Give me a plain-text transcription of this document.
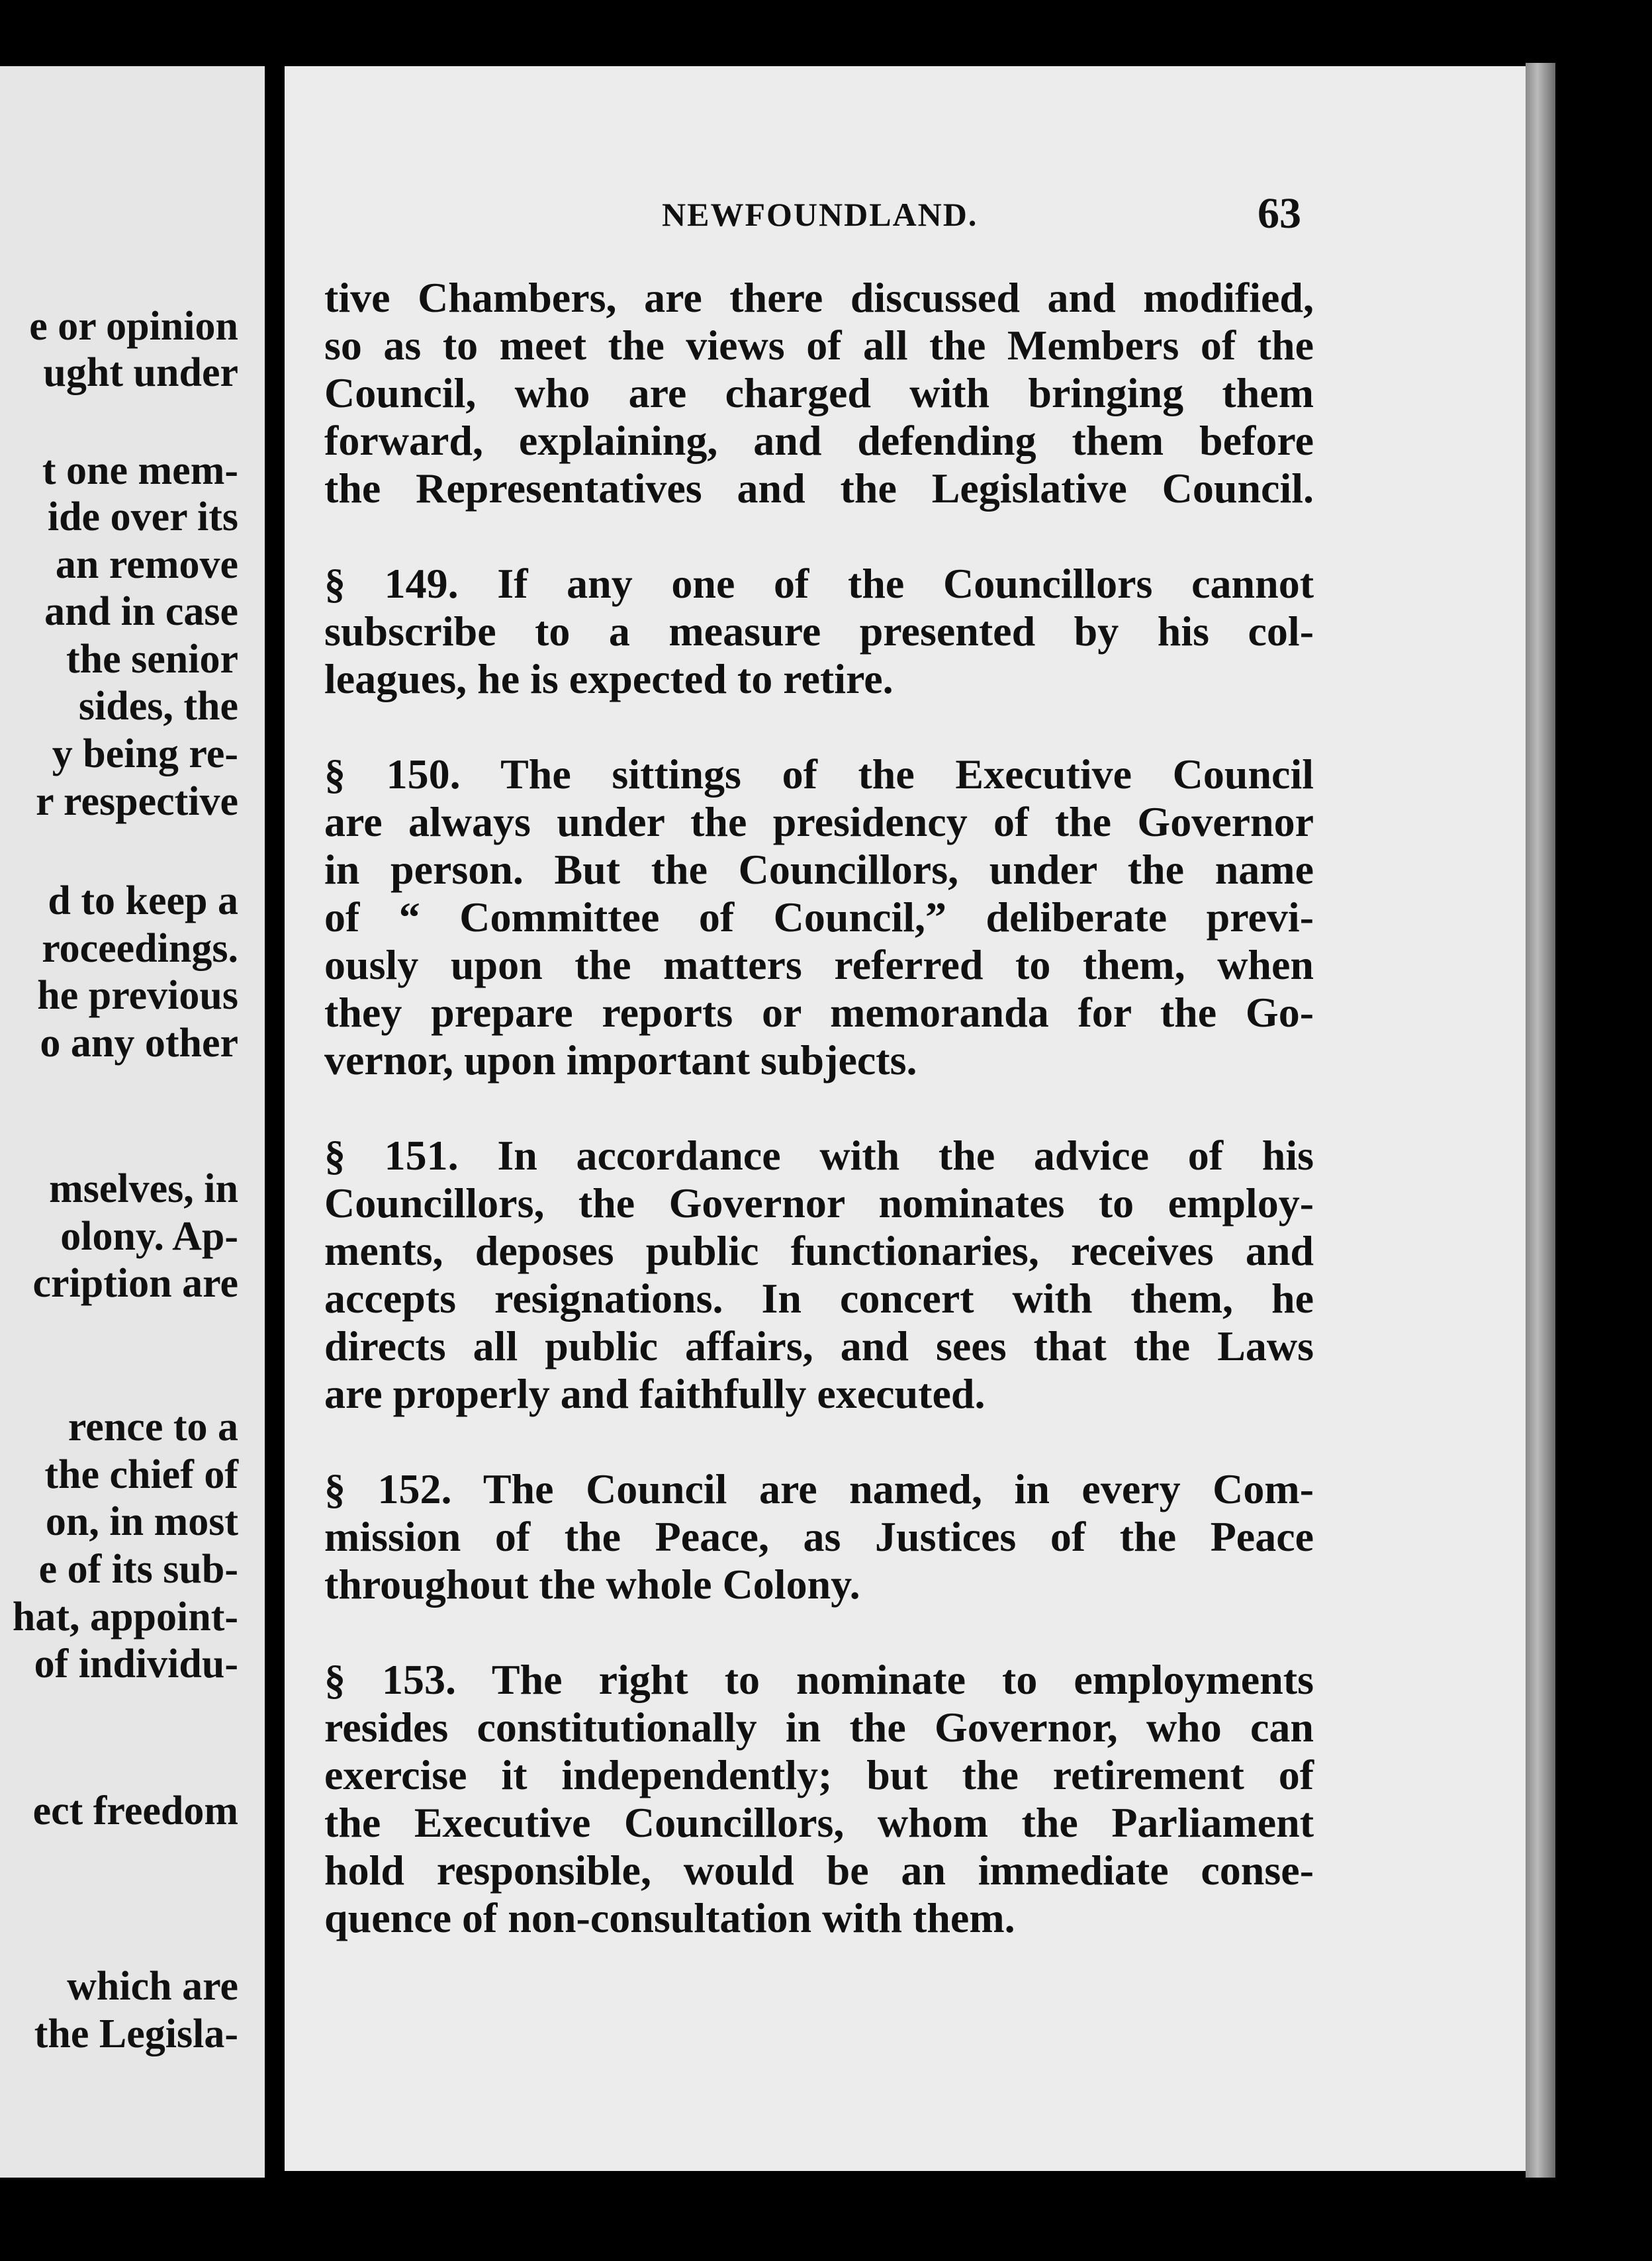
e or opinion
ught under
t one mem-
ide over its
an remove
and in case
the senior
sides, the
y being re-
r respective
d to keep a
roceedings.
he previous
o any other
mselves, in
olony. Ap-
cription are
rence to a
the chief of
on, in most
e of its sub-
hat, appoint-
of individu-
ect freedom
which are
the Legisla-
NEWFOUNDLAND.	63
tive Chambers, are there discussed and modified,
so as to meet the views of all the Members of the
Council, who are charged with bringing them
forward, explaining, and defending them before
the Representatives and the Legislative Council.
§ 149. If any one of the Councillors cannot
subscribe to a measure presented by his col-
leagues, he is expected to retire.
§ 150. The sittings of the Executive Council
are always under the presidency of the Governor
in person. But the Councillors, under the name
of “ Committee of Council,” deliberate previ-
ously upon the matters referred to them, when
they prepare reports or memoranda for the Go-
vernor, upon important subjects.
§ 151. In accordance with the advice of his
Councillors, the Governor nominates to employ-
ments, deposes public functionaries, receives and
accepts resignations. In concert with them, he
directs all public affairs, and sees that the Laws
are properly and faithfully executed.
§ 152. The Council are named, in every Com-
mission of the Peace, as Justices of the Peace
throughout the whole Colony.
§ 153. The right to nominate to employments
resides constitutionally in the Governor, who can
exercise it independently; but the retirement of
the Executive Councillors, whom the Parliament
hold responsible, would be an immediate conse-
quence of non-consultation with them.
